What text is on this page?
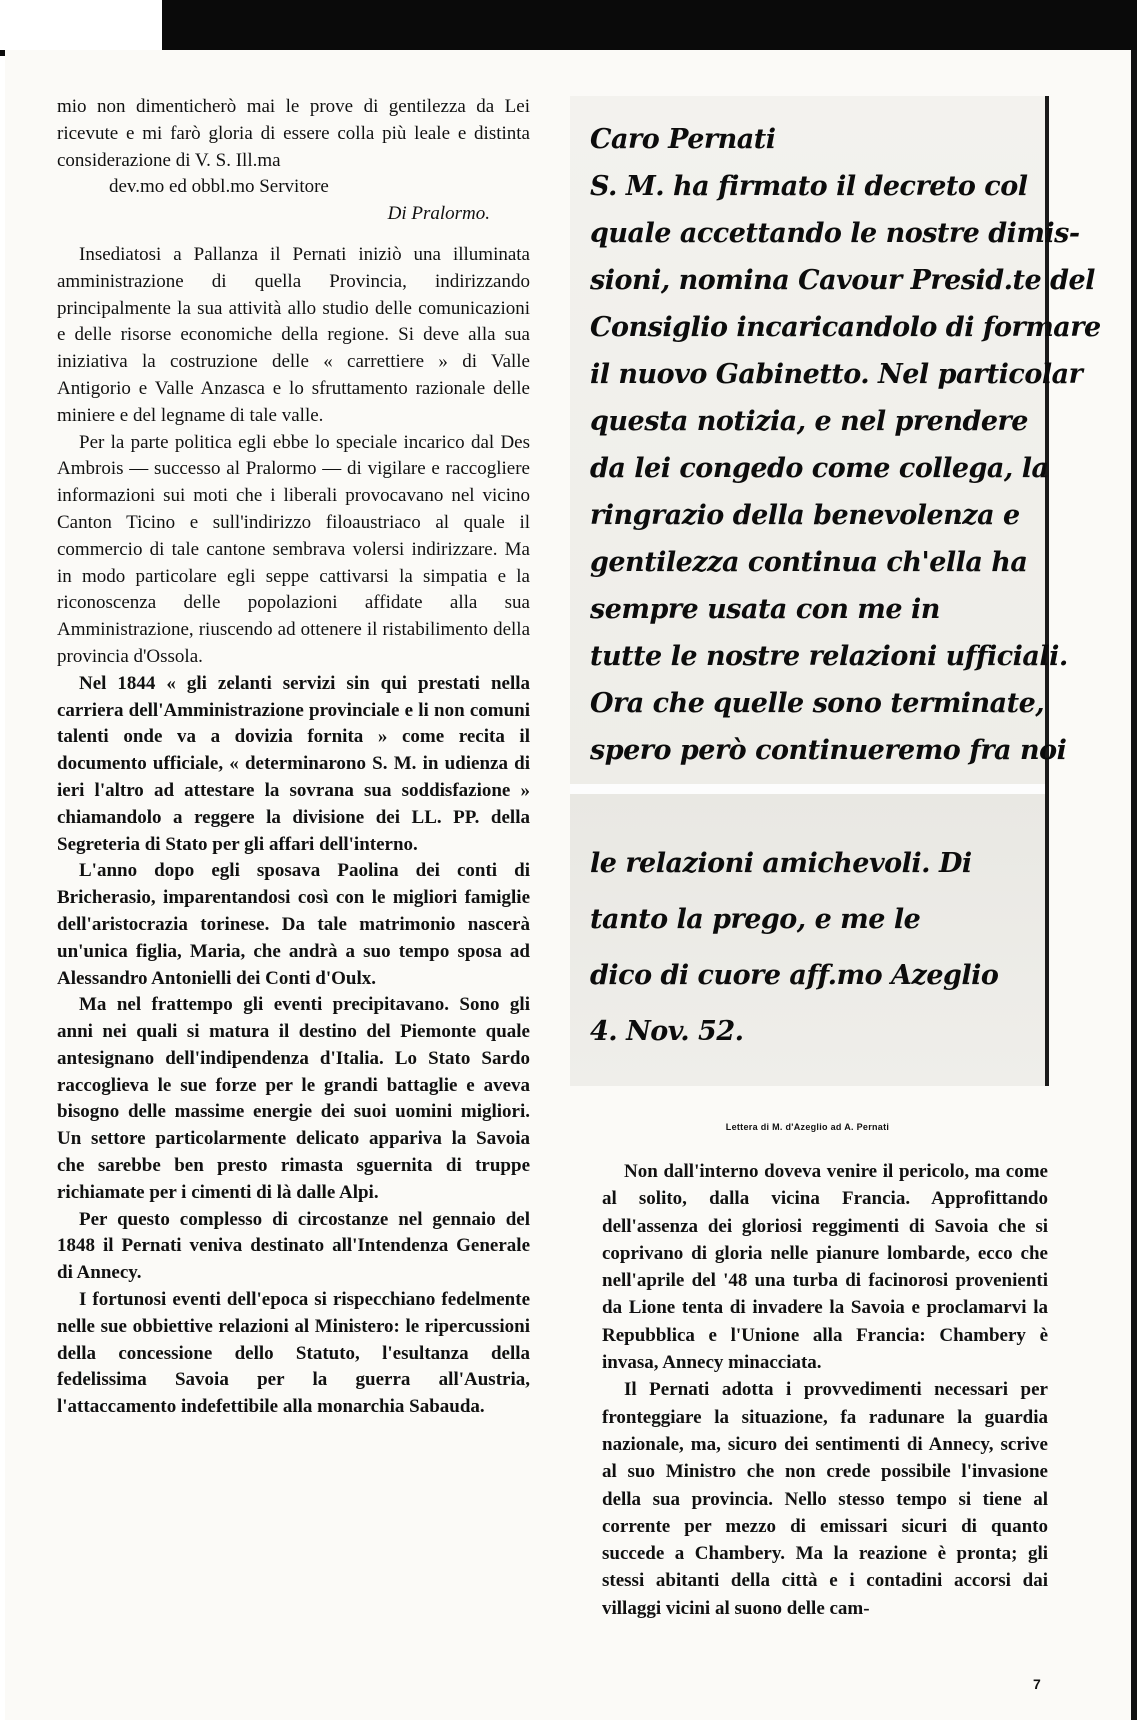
mio non dimenticherò mai le prove di gentilezza da Lei ricevute e mi farò gloria di essere colla più leale e distinta considerazione di V. S. Ill.ma

dev.mo ed obbl.mo Servitore

Di Pralormo.

Insediatosi a Pallanza il Pernati iniziò una illuminata amministrazione di quella Provincia, indirizzando principalmente la sua attività allo studio delle comunicazioni e delle risorse economiche della regione. Si deve alla sua iniziativa la costruzione delle « carrettiere » di Valle Antigorio e Valle Anzasca e lo sfruttamento razionale delle miniere e del legname di tale valle.

Per la parte politica egli ebbe lo speciale incarico dal Des Ambrois — successo al Pralormo — di vigilare e raccogliere informazioni sui moti che i liberali provocavano nel vicino Canton Ticino e sull'indirizzo filoaustriaco al quale il commercio di tale cantone sembrava volersi indirizzare. Ma in modo particolare egli seppe cattivarsi la simpatia e la riconoscenza delle popolazioni affidate alla sua Amministrazione, riuscendo ad ottenere il ristabilimento della provincia d'Ossola.

Nel 1844 « gli zelanti servizi sin qui prestati nella carriera dell'Amministrazione provinciale e li non comuni talenti onde va a dovizia fornita » come recita il documento ufficiale, « determinarono S. M. in udienza di ieri l'altro ad attestare la sovrana sua soddisfazione » chiamandolo a reggere la divisione dei LL. PP. della Segreteria di Stato per gli affari dell'interno.

L'anno dopo egli sposava Paolina dei conti di Bricherasio, imparentandosi così con le migliori famiglie dell'aristocrazia torinese. Da tale matrimonio nascerà un'unica figlia, Maria, che andrà a suo tempo sposa ad Alessandro Antonielli dei Conti d'Oulx.

Ma nel frattempo gli eventi precipitavano. Sono gli anni nei quali si matura il destino del Piemonte quale antesignano dell'indipendenza d'Italia. Lo Stato Sardo raccoglieva le sue forze per le grandi battaglie e aveva bisogno delle massime energie dei suoi uomini migliori. Un settore particolarmente delicato appariva la Savoia che sarebbe ben presto rimasta sguernita di truppe richiamate per i cimenti di là dalle Alpi.

Per questo complesso di circostanze nel gennaio del 1848 il Pernati veniva destinato all'Intendenza Generale di Annecy.

I fortunosi eventi dell'epoca si rispecchiano fedelmente nelle sue obbiettive relazioni al Ministero: le ripercussioni della concessione dello Statuto, l'esultanza della fedelissima Savoia per la guerra all'Austria, l'attaccamento indefettibile alla monarchia Sabauda.

Caro Pernati
S. M. ha firmato il decreto col
quale accettando le nostre dimis-
sioni, nomina Cavour Presid.te del
Consiglio incaricandolo di formare
il nuovo Gabinetto. Nel particolar
questa notizia, e nel prendere
da lei congedo come collega, la
ringrazio della benevolenza e
gentilezza continua ch'ella ha
sempre usata con me in
tutte le nostre relazioni ufficiali.
Ora che quelle sono terminate,
spero però continueremo fra noi
le relazioni amichevoli. Di
tanto la prego, e me le
dico di cuore aff.mo Azeglio
4. Nov. 52.
Lettera di M. d'Azeglio ad A. Pernati

Non dall'interno doveva venire il pericolo, ma come al solito, dalla vicina Francia. Approfittando dell'assenza dei gloriosi reggimenti di Savoia che si coprivano di gloria nelle pianure lombarde, ecco che nell'aprile del '48 una turba di facinorosi provenienti da Lione tenta di invadere la Savoia e proclamarvi la Repubblica e l'Unione alla Francia: Chambery è invasa, Annecy minacciata.

Il Pernati adotta i provvedimenti necessari per fronteggiare la situazione, fa radunare la guardia nazionale, ma, sicuro dei sentimenti di Annecy, scrive al suo Ministro che non crede possibile l'invasione della sua provincia. Nello stesso tempo si tiene al corrente per mezzo di emissari sicuri di quanto succede a Chambery. Ma la reazione è pronta; gli stessi abitanti della città e i contadini accorsi dai villaggi vicini al suono delle cam-

7
